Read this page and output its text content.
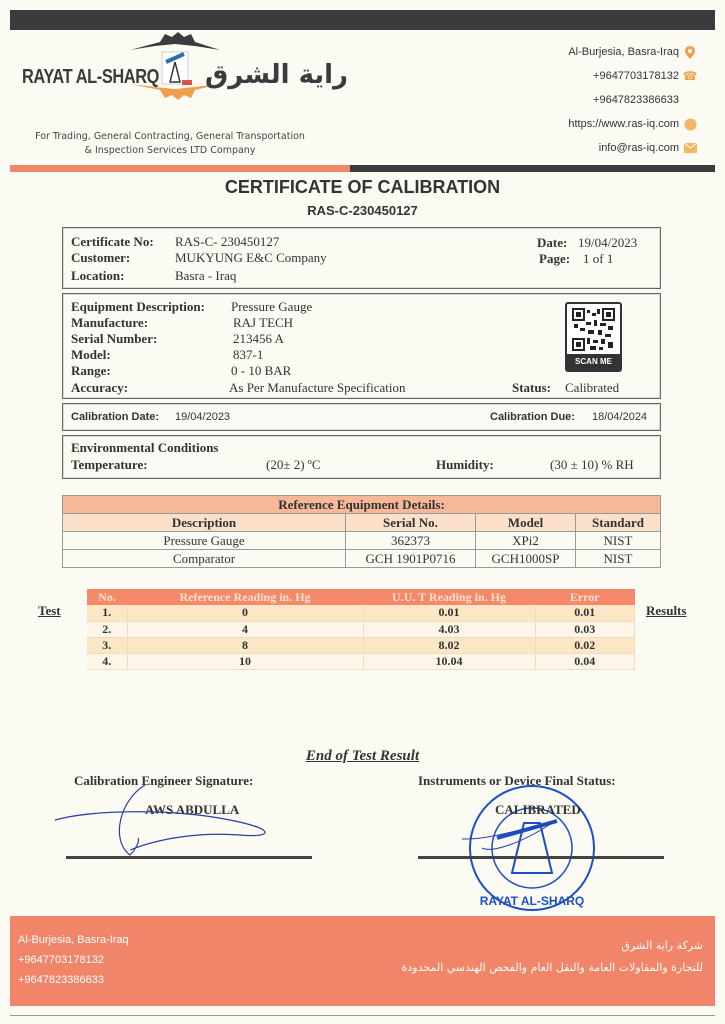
RAYAT AL-SHARQ راية الشرق
For Trading, General Contracting, General Transportation
& Inspection Services LTD Company
Al-Burjesia, Basra-Iraq
+9647703178132 ☎
+9647823386633
https://www.ras-iq.com
info@ras-iq.com
CERTIFICATE OF CALIBRATION
RAS-C-230450127
Certificate No: RAS-C- 230450127
Customer:	MUKYUNG E&C Company
Location:	Basra - Iraq
Date: 19/04/2023
Page: 1 of 1
Equipment Description: Pressure Gauge
Manufacture:	RAJ TECH
Serial Number:	213456 A
Model:	837-1
Range:	0 - 10 BAR
Accuracy:	As Per Manufacture Specification	Status: Calibrated
SCAN ME
Calibration Date: 19/04/2023	Calibration Due: 18/04/2024
Environmental Conditions
Temperature:	(20± 2) ºC	Humidity:	(30 ± 10) % RH
Reference Equipment Details:			
Description	Serial No.	Model	Standard
Pressure Gauge	362373	XPi2	NIST
Comparator	GCH 1901P0716	GCH1000SP	NIST
Test	Results
No.	Reference Reading in. Hg	U.U. T Reading in. Hg	Error
1.	0	0.01	0.01
2.	4	4.03	0.03
3.	8	8.02	0.02
4.	10	10.04	0.04
End of Test Result
Calibration Engineer Signature:
AWS ABDULLA
Instruments or Device Final Status:
RAYAT AL-SHARQ
CALIBRATED
Al-Burjesia, Basra-Iraq
+9647703178132
+9647823386633
شركة راية الشرق
للتجارة والمقاولات العامة والنقل العام والفحص الهندسي المحدودة
